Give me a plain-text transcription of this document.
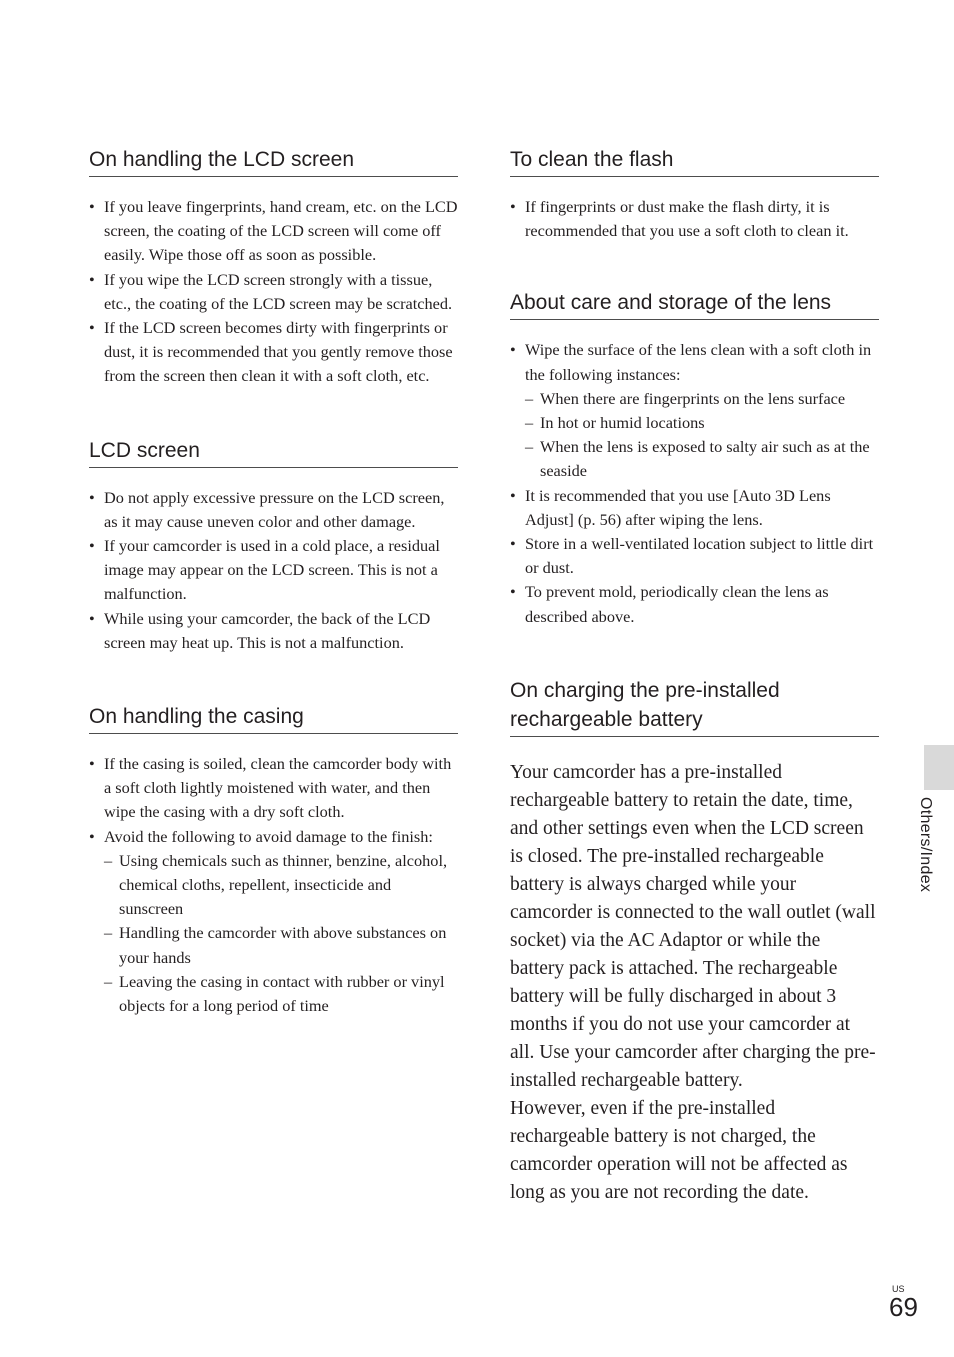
On handling the LCD screen
• If you leave fingerprints, hand cream, etc. on the LCD screen, the coating of the LCD screen will come off easily. Wipe those off as soon as possible.
• If you wipe the LCD screen strongly with a tissue, etc., the coating of the LCD screen may be scratched.
• If the LCD screen becomes dirty with fingerprints or dust, it is recommended that you gently remove those from the screen then clean it with a soft cloth, etc.
LCD screen
• Do not apply excessive pressure on the LCD screen, as it may cause uneven color and other damage.
• If your camcorder is used in a cold place, a residual image may appear on the LCD screen. This is not a malfunction.
• While using your camcorder, the back of the LCD screen may heat up. This is not a malfunction.
On handling the casing
• If the casing is soiled, clean the camcorder body with a soft cloth lightly moistened with water, and then wipe the casing with a dry soft cloth.
• Avoid the following to avoid damage to the finish:
– Using chemicals such as thinner, benzine, alcohol, chemical cloths, repellent, insecticide and sunscreen
– Handling the camcorder with above substances on your hands
– Leaving the casing in contact with rubber or vinyl objects for a long period of time
To clean the flash
• If fingerprints or dust make the flash dirty, it is recommended that you use a soft cloth to clean it.
About care and storage of the lens
• Wipe the surface of the lens clean with a soft cloth in the following instances:
– When there are fingerprints on the lens surface
– In hot or humid locations
– When the lens is exposed to salty air such as at the seaside
• It is recommended that you use [Auto 3D Lens Adjust] (p. 56) after wiping the lens.
• Store in a well-ventilated location subject to little dirt or dust.
• To prevent mold, periodically clean the lens as described above.
On charging the pre-installed rechargeable battery

Your camcorder has a pre-installed rechargeable battery to retain the date, time, and other settings even when the LCD screen is closed. The pre-installed rechargeable battery is always charged while your camcorder is connected to the wall outlet (wall socket) via the AC Adaptor or while the battery pack is attached. The rechargeable battery will be fully discharged in about 3 months if you do not use your camcorder at all. Use your camcorder after charging the pre-installed rechargeable battery.

However, even if the pre-installed rechargeable battery is not charged, the camcorder operation will not be affected as long as you are not recording the date.

Others/Index
US
69
